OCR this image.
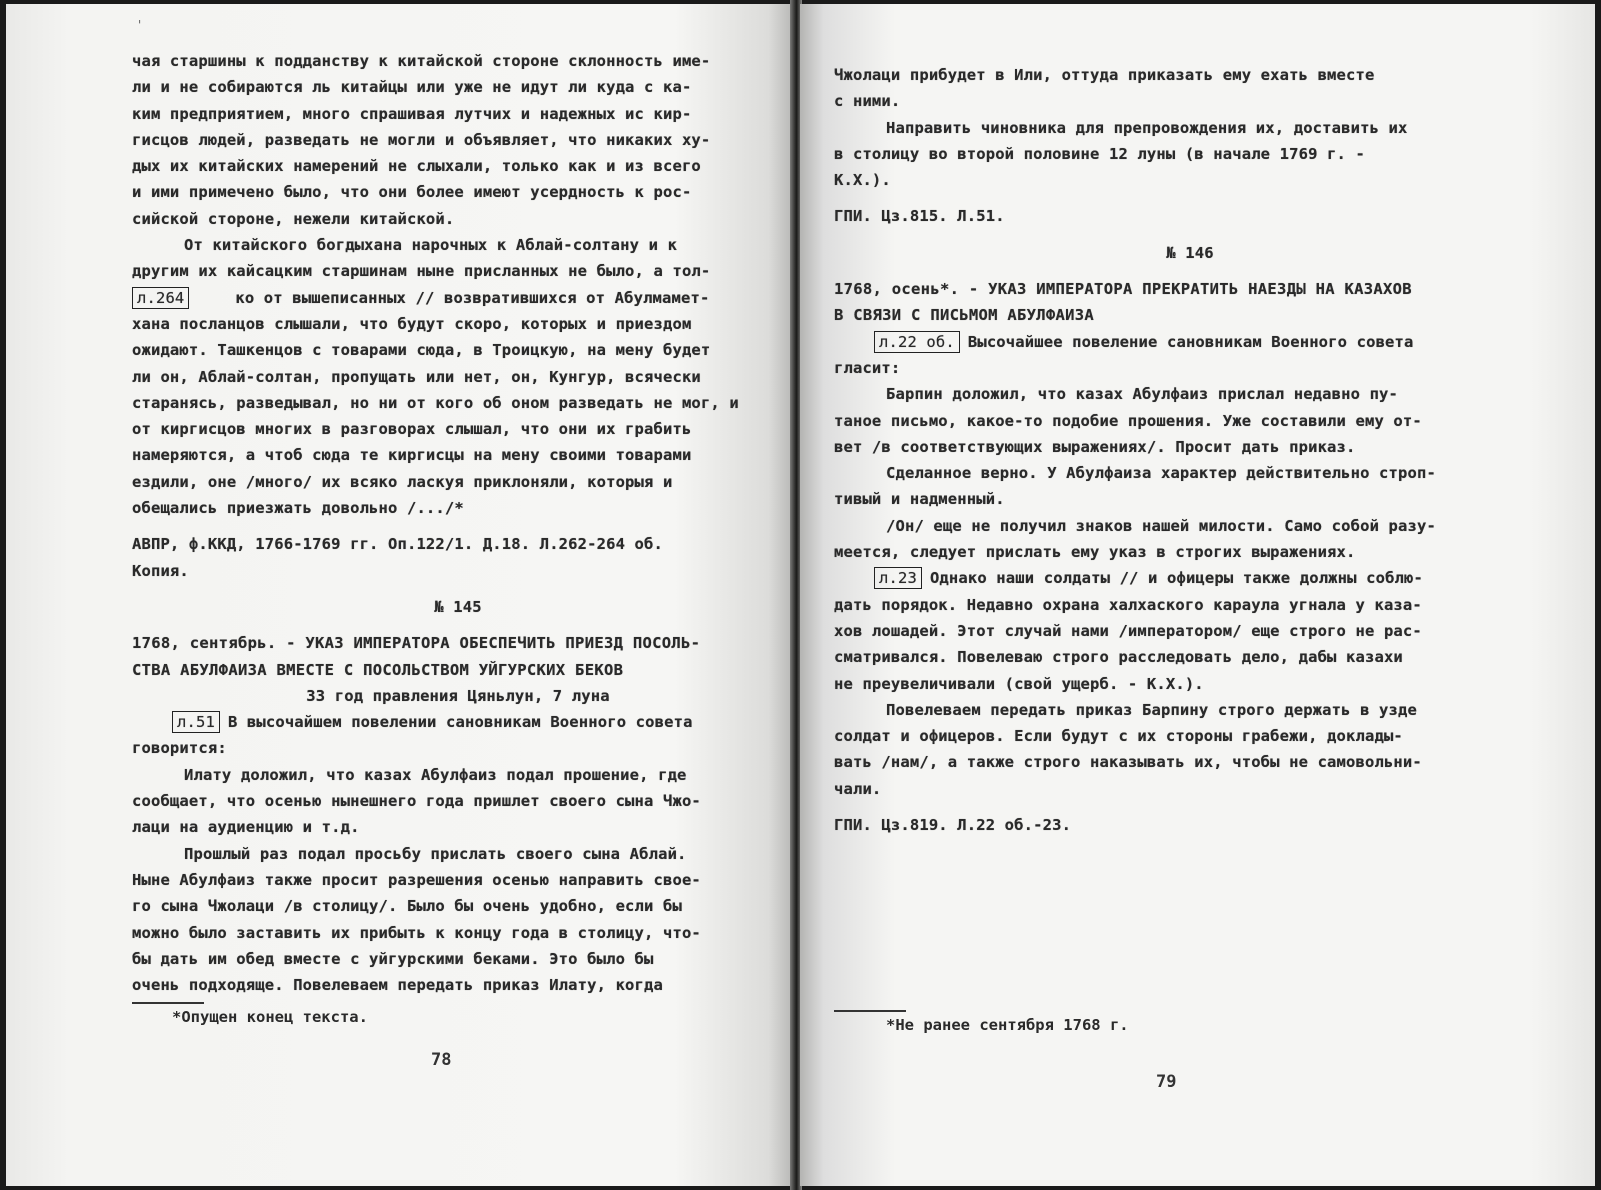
'
чая старшины к подданству к китайской стороне склонность име-
ли и не собираются ль китайцы или уже не идут ли куда с ка-
ким предприятием, много спрашивая лутчих и надежных ис кир-
гисцов людей, разведать не могли и объявляет, что никаких ху-
дых их китайских намерений не слыхали, только как и из всего
и ими примечено было, что они более имеют усердность к рос-
сийской стороне, нежели китайской.
От китайского богдыхана нарочных к Аблай-солтану и к
другим их кайсацким старшинам ныне присланных не было, а тол-
л.264	ко от вышеписанных // возвратившихся от Абулмамет-
хана посланцов слышали, что будут скоро, которых и приездом
ожидают. Ташкенцов с товарами сюда, в Троицкую, на мену будет
ли он, Аблай-солтан, пропущать или нет, он, Кунгур, всячески
старанясь, разведывал, но ни от кого об оном разведать не мог, и
от киргисцов многих в разговорах слышал, что они их грабить
намеряются, а чтоб сюда те киргисцы на мену своими товарами
ездили, оне /много/ их всяко ласкуя приклоняли, которыя и
обещались приезжать довольно /.../*
АВПР, ф.ККД, 1766-1769 гг. Оп.122/1. Д.18. Л.262-264 об.
Копия.
№ 145
1768, сентябрь. - УКАЗ ИМПЕРАТОРА ОБЕСПЕЧИТЬ ПРИЕЗД ПОСОЛЬ-
СТВА АБУЛФАИЗА ВМЕСТЕ С ПОСОЛЬСТВОМ УЙГУРСКИХ БЕКОВ
33 год правления Цяньлун, 7 луна
л.51 В высочайшем повелении сановникам Военного совета
говорится:
Илату доложил, что казах Абулфаиз подал прошение, где
сообщает, что осенью нынешнего года пришлет своего сына Чжо-
лаци на аудиенцию и т.д.
Прошлый раз подал просьбу прислать своего сына Аблай.
Ныне Абулфаиз также просит разрешения осенью направить свое-
го сына Чжолаци /в столицу/. Было бы очень удобно, если бы
можно было заставить их прибыть к концу года в столицу, что-
бы дать им обед вместе с уйгурскими беками. Это было бы
очень подходяще. Повелеваем передать приказ Илату, когда
*Опущен конец текста.
78
Чжолаци прибудет в Или, оттуда приказать ему ехать вместе
с ними.
Направить чиновника для препровождения их, доставить их
в столицу во второй половине 12 луны (в начале 1769 г. -
К.Х.).
ГПИ. Цз.815. Л.51.
№ 146
1768, осень*. - УКАЗ ИМПЕРАТОРА ПРЕКРАТИТЬ НАЕЗДЫ НА КАЗАХОВ
В СВЯЗИ С ПИСЬМОМ АБУЛФАИЗА
л.22 об. Высочайшее повеление сановникам Военного совета
гласит:
Барпин доложил, что казах Абулфаиз прислал недавно пу-
таное письмо, какое-то подобие прошения. Уже составили ему от-
вет /в соответствующих выражениях/. Просит дать приказ.
Сделанное верно. У Абулфаиза характер действительно строп-
тивый и надменный.
/Он/ еще не получил знаков нашей милости. Само собой разу-
меется, следует прислать ему указ в строгих выражениях.
л.23 Однако наши солдаты // и офицеры также должны соблю-
дать порядок. Недавно охрана халхаского караула угнала у каза-
хов лошадей. Этот случай нами /императором/ еще строго не рас-
сматривался. Повелеваю строго расследовать дело, дабы казахи
не преувеличивали (свой ущерб. - К.Х.).
Повелеваем передать приказ Барпину строго держать в узде
солдат и офицеров. Если будут с их стороны грабежи, доклады-
вать /нам/, а также строго наказывать их, чтобы не самовольни-
чали.
ГПИ. Цз.819. Л.22 об.-23.
*Не ранее сентября 1768 г.
79
